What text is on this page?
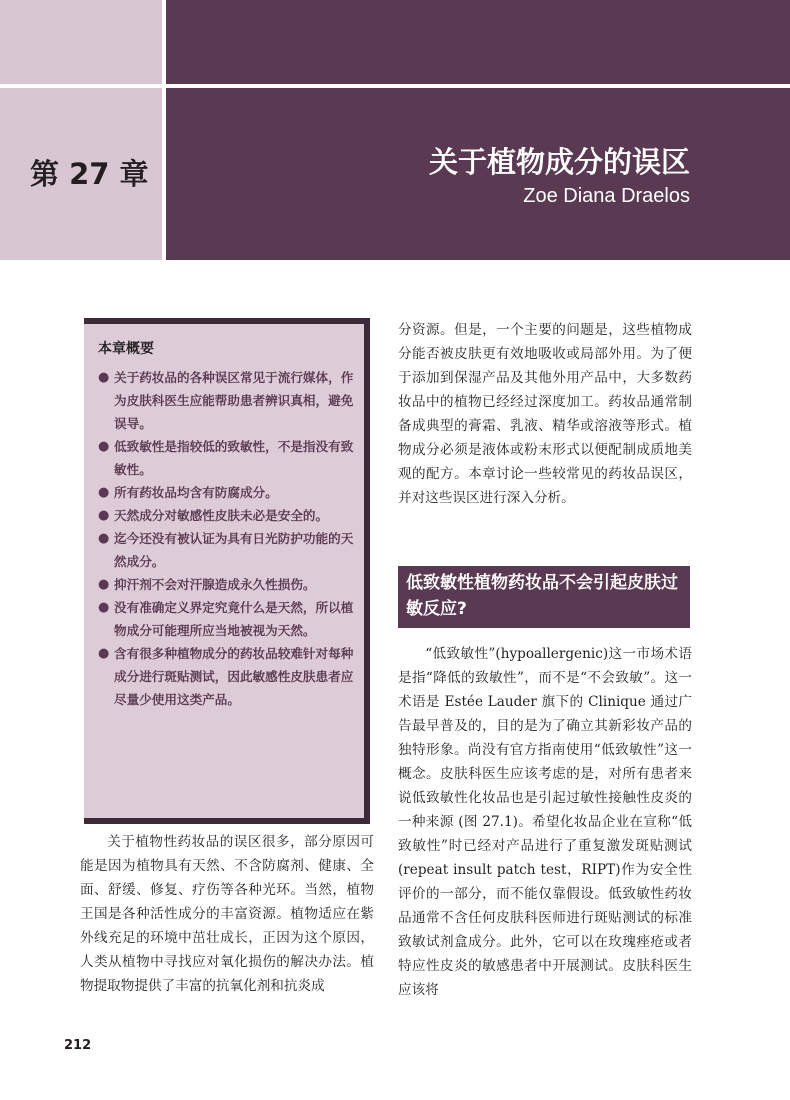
第 27 章	关于植物成分的误区
Zoe Diana Draelos
本章概要
● 关于药妆品的各种误区常见于流行媒体，作为皮肤科医生应能帮助患者辨识真相，避免误导。
● 低致敏性是指较低的致敏性，不是指没有致敏性。
● 所有药妆品均含有防腐成分。
● 天然成分对敏感性皮肤未必是安全的。
● 迄今还没有被认证为具有日光防护功能的天然成分。
● 抑汗剂不会对汗腺造成永久性损伤。
● 没有准确定义界定究竟什么是天然，所以植物成分可能理所应当地被视为天然。
● 含有很多种植物成分的药妆品较难针对每种成分进行斑贴测试，因此敏感性皮肤患者应尽量少使用这类产品。

关于植物性药妆品的误区很多，部分原因可能是因为植物具有天然、不含防腐剂、健康、全面、舒缓、修复、疗伤等各种光环。当然，植物王国是各种活性成分的丰富资源。植物适应在紫外线充足的环境中茁壮成长，正因为这个原因，人类从植物中寻找应对氧化损伤的解决办法。植物提取物提供了丰富的抗氧化剂和抗炎成

分资源。但是，一个主要的问题是，这些植物成分能否被皮肤更有效地吸收或局部外用。为了便于添加到保湿产品及其他外用产品中，大多数药妆品中的植物已经经过深度加工。药妆品通常制备成典型的膏霜、乳液、精华或溶液等形式。植物成分必须是液体或粉末形式以便配制成质地美观的配方。本章讨论一些较常见的药妆品误区，并对这些误区进行深入分析。

低致敏性植物药妆品不会引起皮肤过敏反应?

“低致敏性”(hypoallergenic)这一市场术语是指“降低的致敏性”，而不是“不会致敏”。这一术语是 Estée Lauder 旗下的 Clinique 通过广告最早普及的，目的是为了确立其新彩妆产品的独特形象。尚没有官方指南使用“低致敏性”这一概念。皮肤科医生应该考虑的是，对所有患者来说低致敏性化妆品也是引起过敏性接触性皮炎的一种来源 (图 27.1)。希望化妆品企业在宣称“低致敏性”时已经对产品进行了重复激发斑贴测试(repeat insult patch test，RIPT)作为安全性评价的一部分，而不能仅靠假设。低致敏性药妆品通常不含任何皮肤科医师进行斑贴测试的标准致敏试剂盒成分。此外，它可以在玫瑰痤疮或者特应性皮炎的敏感患者中开展测试。皮肤科医生应该将

212
